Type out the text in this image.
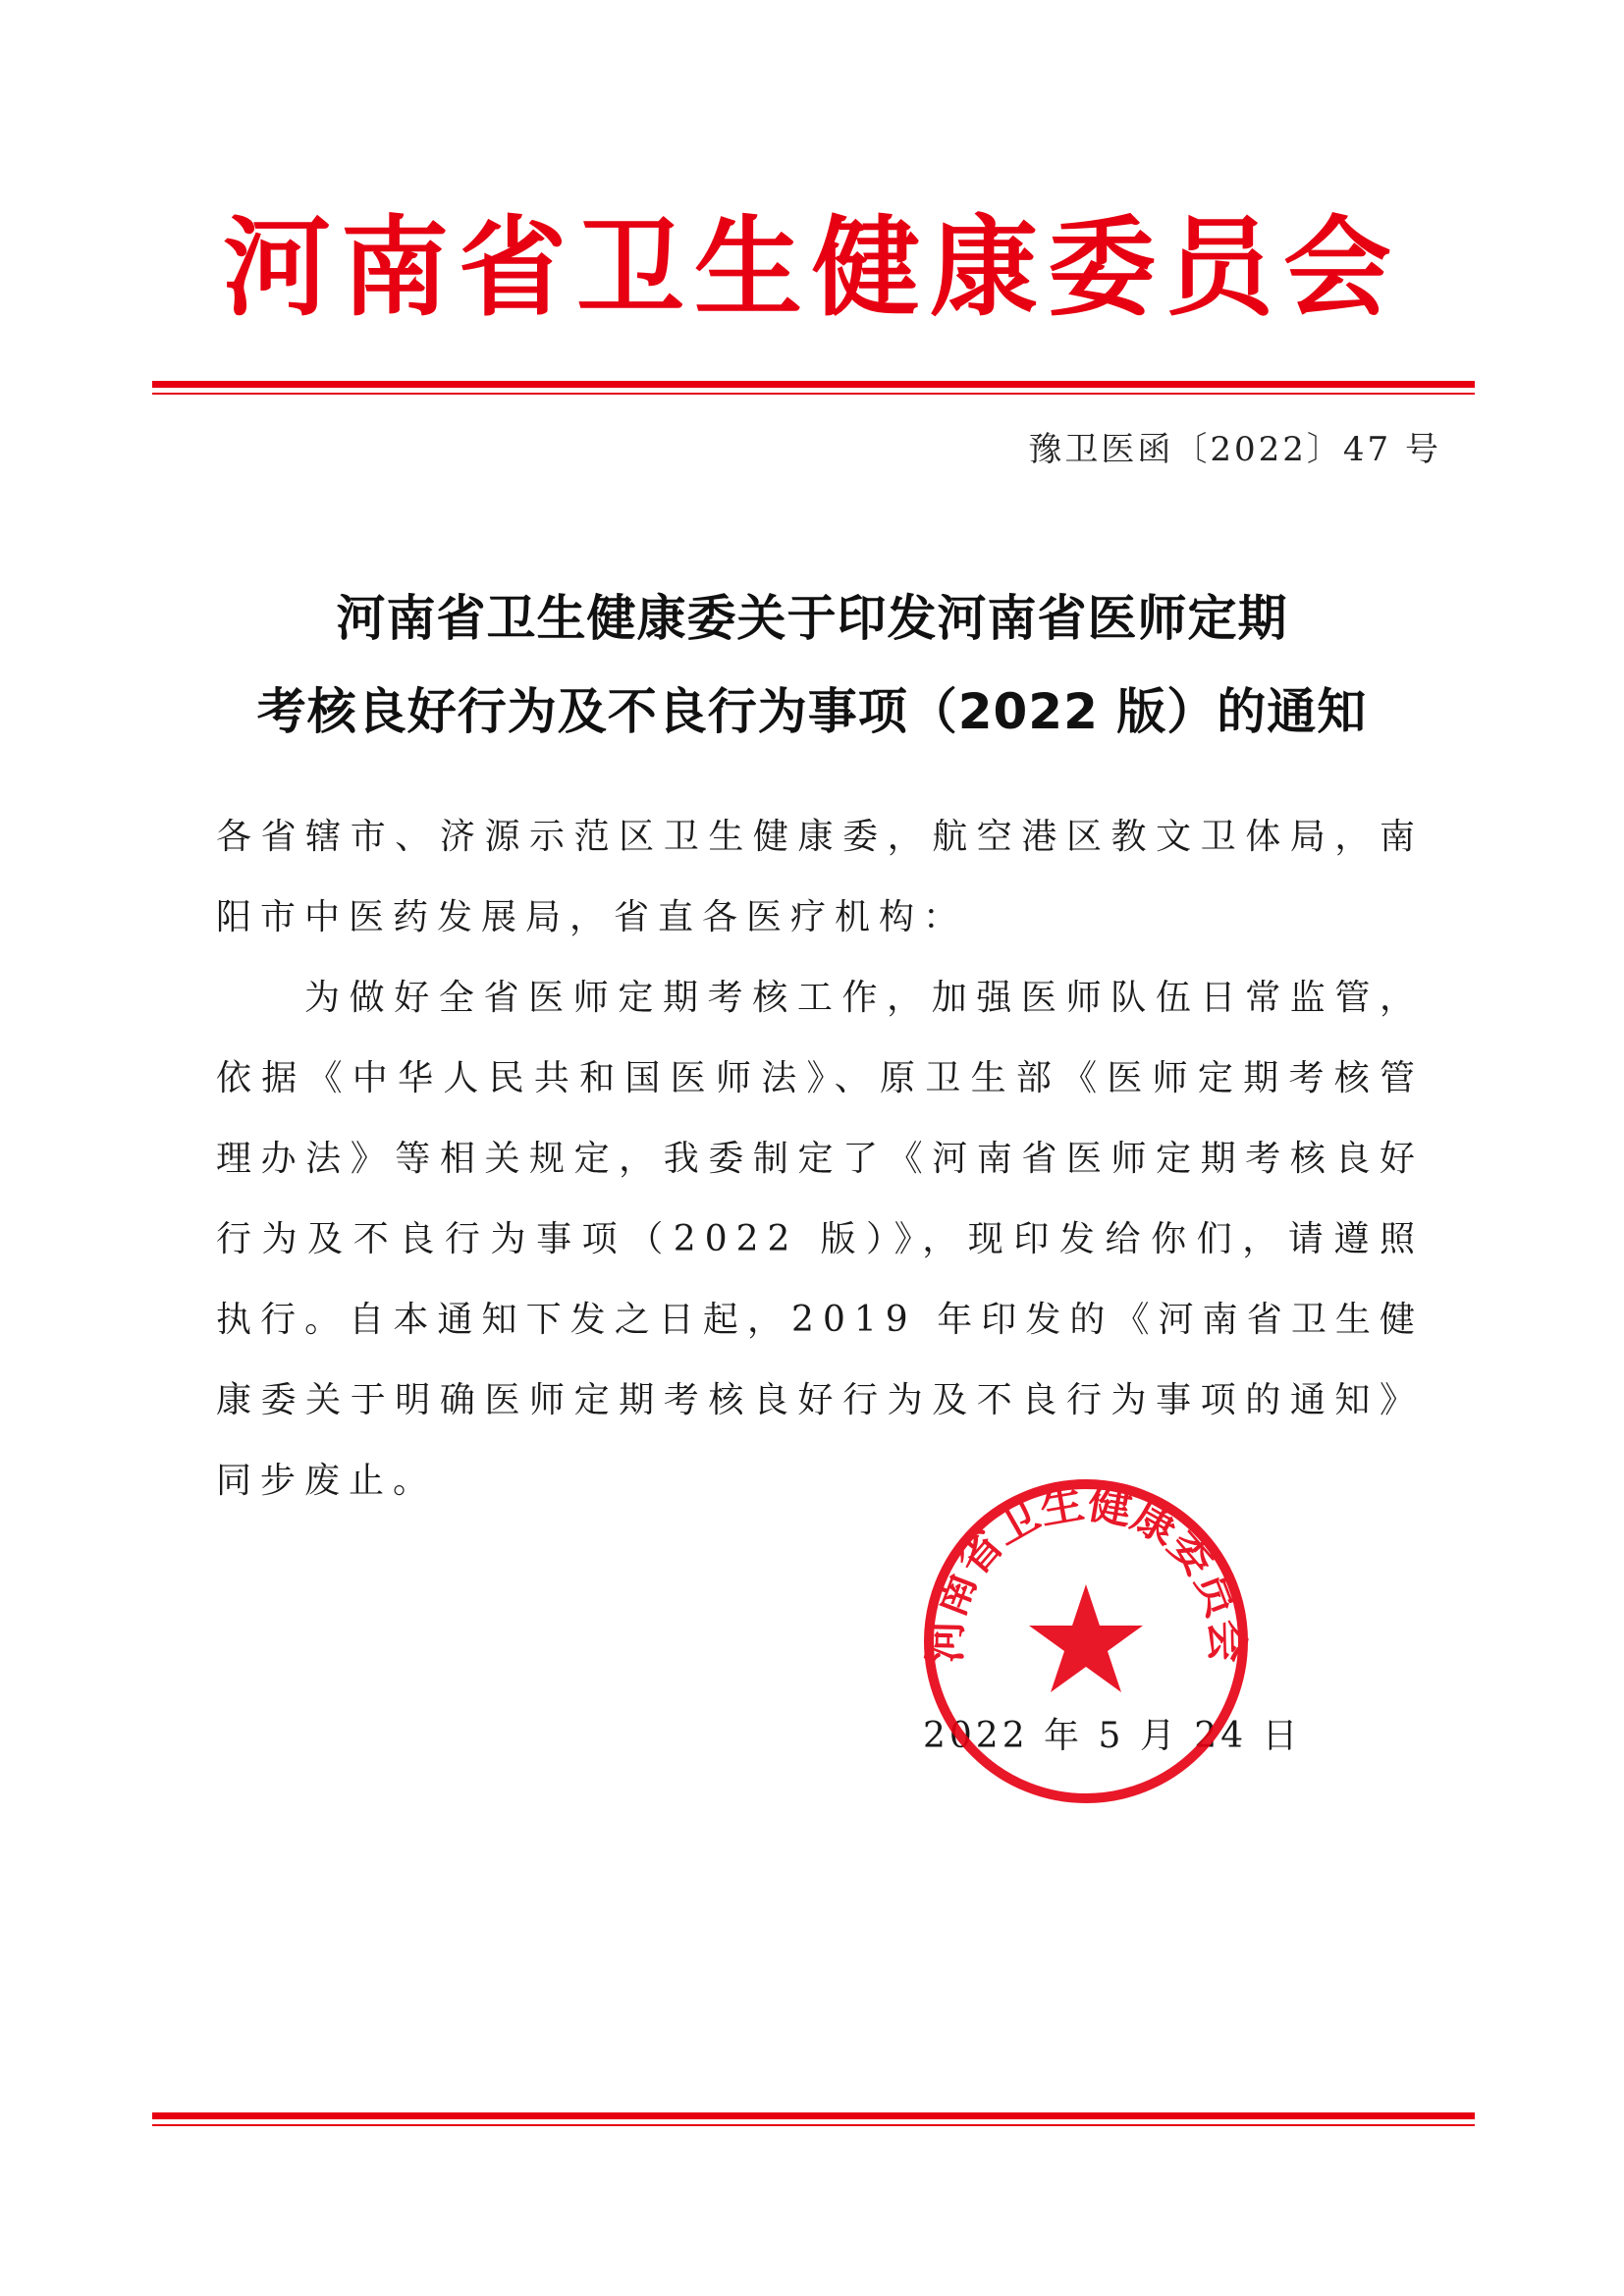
河南省卫生健康委员会
豫卫医函〔2022〕47 号
河南省卫生健康委关于印发河南省医师定期
考核良好行为及不良行为事项（2022 版）的通知
各省辖市、济源示范区卫生健康委，航空港区教文卫体局，南阳市中医药发展局，省直各医疗机构：
为做好全省医师定期考核工作，加强医师队伍日常监管，依据《中华人民共和国医师法》、原卫生部《医师定期考核管理办法》等相关规定，我委制定了《河南省医师定期考核良好行为及不良行为事项（2022 版）》，现印发给你们，请遵照执行。自本通知下发之日起，2019 年印发的《河南省卫生健康委关于明确医师定期考核良好行为及不良行为事项的通知》同步废止。
2022 年 5 月 24 日
河南省卫生健康委员会
